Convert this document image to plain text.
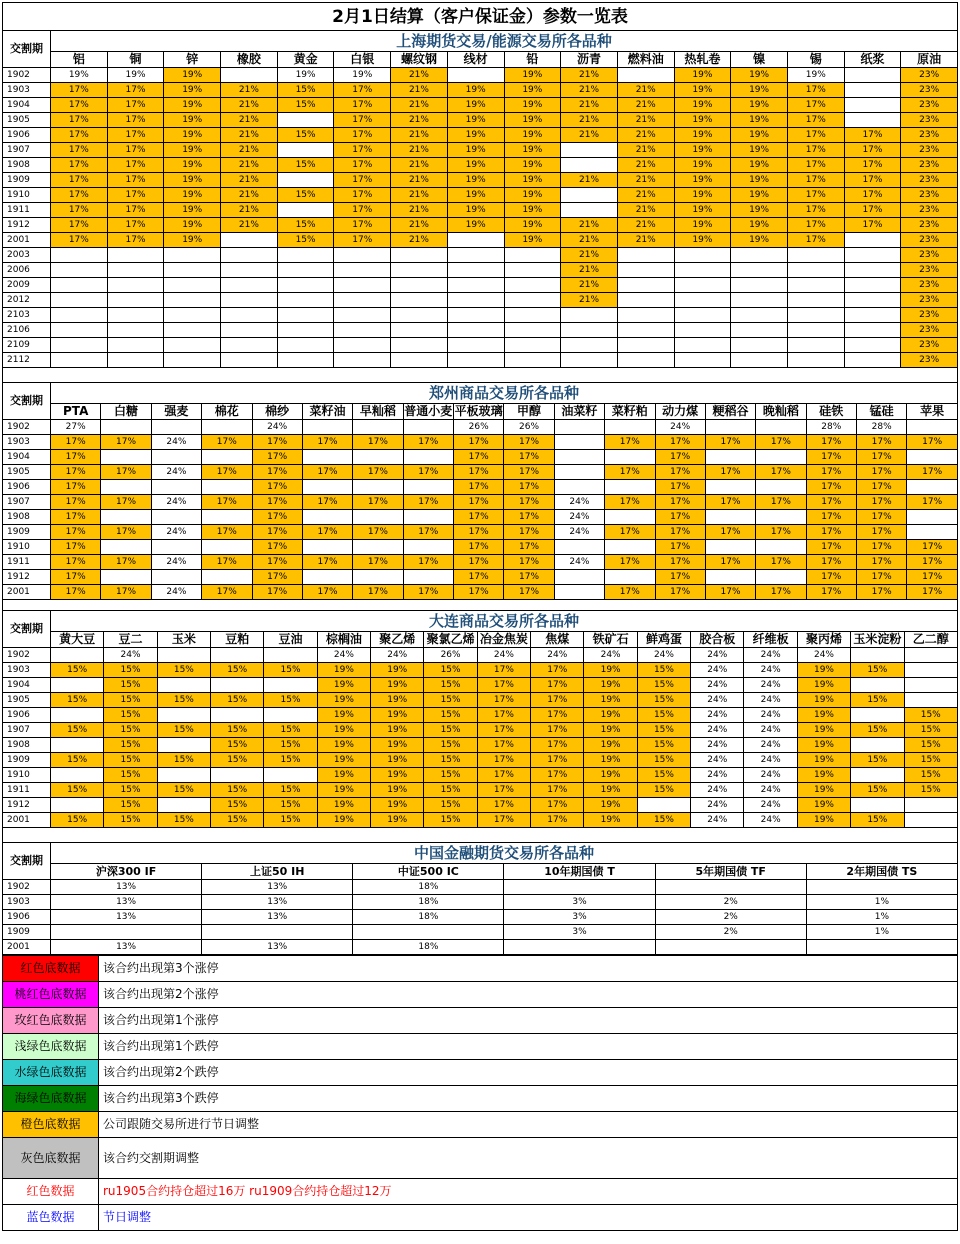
2月1日结算（客户保证金）参数一览表
交割期	上海期货交易/能源交易所各品种															
	铝	铜	锌	橡胶	黄金	白银	螺纹钢	线材	铅	沥青	燃料油	热轧卷	镍	锡	纸浆	原油
1902	19%	19%	19%		19%	19%	21%		19%	21%		19%	19%	19%		23%
1903	17%	17%	19%	21%	15%	17%	21%	19%	19%	21%	21%	19%	19%	17%		23%
1904	17%	17%	19%	21%	15%	17%	21%	19%	19%	21%	21%	19%	19%	17%		23%
1905	17%	17%	19%	21%		17%	21%	19%	19%	21%	21%	19%	19%	17%		23%
1906	17%	17%	19%	21%	15%	17%	21%	19%	19%	21%	21%	19%	19%	17%	17%	23%
1907	17%	17%	19%	21%		17%	21%	19%	19%		21%	19%	19%	17%	17%	23%
1908	17%	17%	19%	21%	15%	17%	21%	19%	19%		21%	19%	19%	17%	17%	23%
1909	17%	17%	19%	21%		17%	21%	19%	19%	21%	21%	19%	19%	17%	17%	23%
1910	17%	17%	19%	21%	15%	17%	21%	19%	19%		21%	19%	19%	17%	17%	23%
1911	17%	17%	19%	21%		17%	21%	19%	19%		21%	19%	19%	17%	17%	23%
1912	17%	17%	19%	21%	15%	17%	21%	19%	19%	21%	21%	19%	19%	17%	17%	23%
2001	17%	17%	19%		15%	17%	21%		19%	21%	21%	19%	19%	17%		23%
2003										21%						23%
2006										21%						23%
2009										21%						23%
2012										21%						23%
2103																23%
2106																23%
2109																23%
2112																23%
交割期	郑州商品交易所各品种																	
	PTA	白糖	强麦	棉花	棉纱	菜籽油	早籼稻	普通小麦	平板玻璃	甲醇	油菜籽	菜籽粕	动力煤	粳稻谷	晚籼稻	硅铁	锰硅	苹果
1902	27%				24%				26%	26%			24%			28%	28%	
1903	17%	17%	24%	17%	17%	17%	17%	17%	17%	17%		17%	17%	17%	17%	17%	17%	17%
1904	17%				17%				17%	17%			17%			17%	17%	
1905	17%	17%	24%	17%	17%	17%	17%	17%	17%	17%		17%	17%	17%	17%	17%	17%	17%
1906	17%				17%				17%	17%			17%			17%	17%	
1907	17%	17%	24%	17%	17%	17%	17%	17%	17%	17%	24%	17%	17%	17%	17%	17%	17%	17%
1908	17%				17%				17%	17%	24%		17%			17%	17%	
1909	17%	17%	24%	17%	17%	17%	17%	17%	17%	17%	24%	17%	17%	17%	17%	17%	17%	
1910	17%				17%				17%	17%			17%			17%	17%	17%
1911	17%	17%	24%	17%	17%	17%	17%	17%	17%	17%	24%	17%	17%	17%	17%	17%	17%	17%
1912	17%				17%				17%	17%			17%			17%	17%	17%
2001	17%	17%	24%	17%	17%	17%	17%	17%	17%	17%		17%	17%	17%	17%	17%	17%	17%
交割期	大连商品交易所各品种																
	黄大豆	豆二	玉米	豆粕	豆油	棕榈油	聚乙烯	聚氯乙烯	冶金焦炭	焦煤	铁矿石	鲜鸡蛋	胶合板	纤维板	聚丙烯	玉米淀粉	乙二醇
1902		24%				24%	24%	26%	24%	24%	24%	24%	24%	24%	24%		
1903	15%	15%	15%	15%	15%	19%	19%	15%	17%	17%	19%	15%	24%	24%	19%	15%	
1904		15%				19%	19%	15%	17%	17%	19%	15%	24%	24%	19%		
1905	15%	15%	15%	15%	15%	19%	19%	15%	17%	17%	19%	15%	24%	24%	19%	15%	
1906		15%				19%	19%	15%	17%	17%	19%	15%	24%	24%	19%		15%
1907	15%	15%	15%	15%	15%	19%	19%	15%	17%	17%	19%	15%	24%	24%	19%	15%	15%
1908		15%		15%	15%	19%	19%	15%	17%	17%	19%	15%	24%	24%	19%		15%
1909	15%	15%	15%	15%	15%	19%	19%	15%	17%	17%	19%	15%	24%	24%	19%	15%	15%
1910		15%				19%	19%	15%	17%	17%	19%	15%	24%	24%	19%		15%
1911	15%	15%	15%	15%	15%	19%	19%	15%	17%	17%	19%	15%	24%	24%	19%	15%	15%
1912		15%		15%	15%	19%	19%	15%	17%	17%	19%		24%	24%	19%		
2001	15%	15%	15%	15%	15%	19%	19%	15%	17%	17%	19%	15%	24%	24%	19%	15%	
交割期	中国金融期货交易所各品种					
	沪深300 IF	上证50 IH	中证500 IC	10年期国债 T	5年期国债 TF	2年期国债 TS
1902	13%	13%	18%			
1903	13%	13%	18%	3%	2%	1%
1906	13%	13%	18%	3%	2%	1%
1909				3%	2%	1%
2001	13%	13%	18%			
红色底数据	该合约出现第3个涨停
桃红色底数据	该合约出现第2个涨停
玫红色底数据	该合约出现第1个涨停
浅绿色底数据	该合约出现第1个跌停
水绿色底数据	该合约出现第2个跌停
海绿色底数据	该合约出现第3个跌停
橙色底数据	公司跟随交易所进行节日调整
灰色底数据	该合约交割期调整
红色数据	ru1905合约持仓超过16万 ru1909合约持仓超过12万
蓝色数据	节日调整
